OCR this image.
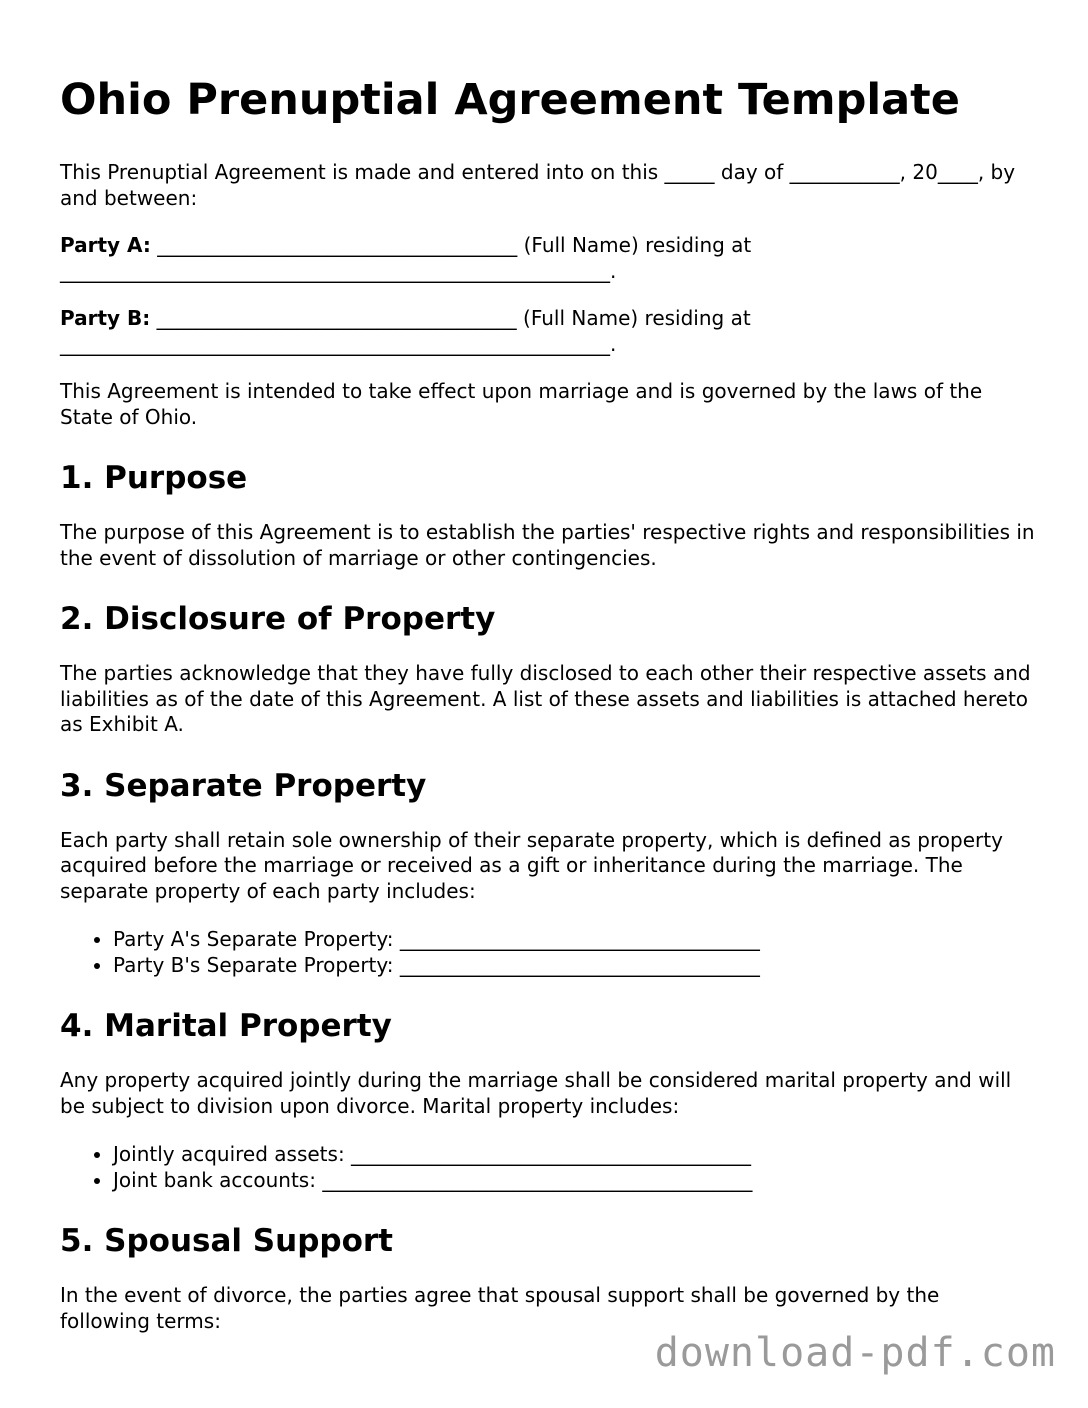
Ohio Prenuptial Agreement Template

This Prenuptial Agreement is made and entered into on this _____ day of ___________, 20____, by and between:

Party A: ____________________________________ (Full Name) residing at _______________________________________________________.

Party B: ____________________________________ (Full Name) residing at _______________________________________________________.

This Agreement is intended to take effect upon marriage and is governed by the laws of the State of Ohio.

1. Purpose

The purpose of this Agreement is to establish the parties' respective rights and responsibilities in the event of dissolution of marriage or other contingencies.

2. Disclosure of Property

The parties acknowledge that they have fully disclosed to each other their respective assets and liabilities as of the date of this Agreement. A list of these assets and liabilities is attached hereto as Exhibit A.

3. Separate Property

Each party shall retain sole ownership of their separate property, which is defined as property acquired before the marriage or received as a gift or inheritance during the marriage. The separate property of each party includes:

• Party A's Separate Property: ____________________________________
• Party B's Separate Property: ____________________________________
4. Marital Property

Any property acquired jointly during the marriage shall be considered marital property and will be subject to division upon divorce. Marital property includes:

• Jointly acquired assets: ________________________________________
• Joint bank accounts: ___________________________________________
5. Spousal Support

In the event of divorce, the parties agree that spousal support shall be governed by the following terms:

download-pdf.com
